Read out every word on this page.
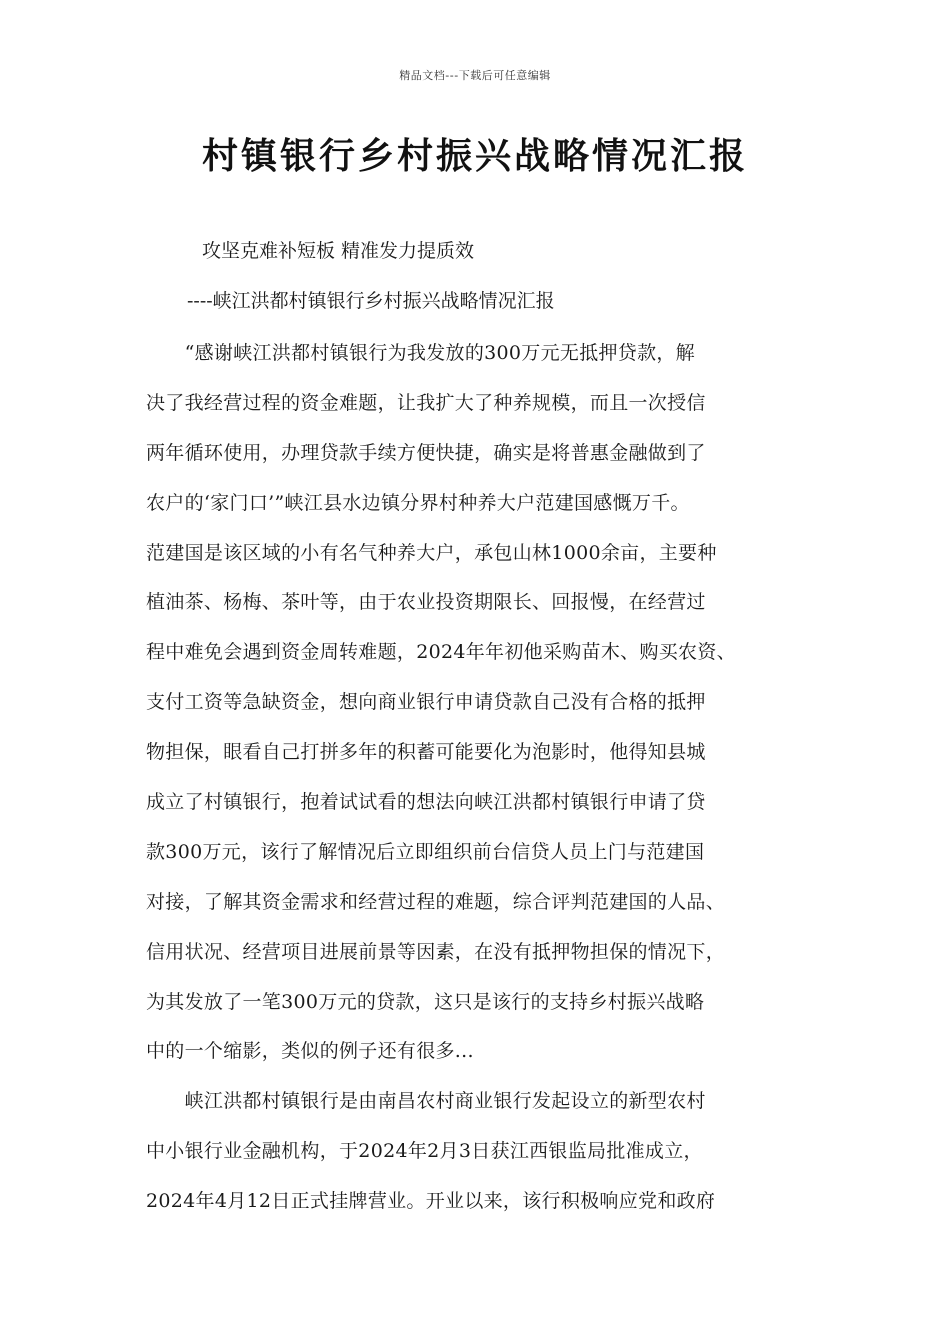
精品文档---下载后可任意编辑
村镇银行乡村振兴战略情况汇报
攻坚克难补短板 精准发力提质效
----峡江洪都村镇银行乡村振兴战略情况汇报
　　“感谢峡江洪都村镇银行为我发放的300万元无抵押贷款，解
决了我经营过程的资金难题，让我扩大了种养规模，而且一次授信
两年循环使用，办理贷款手续方便快捷，确实是将普惠金融做到了
农户的‘家门口’”峡江县水边镇分界村种养大户范建国感慨万千。
范建国是该区域的小有名气种养大户，承包山林1000余亩，主要种
植油茶、杨梅、茶叶等，由于农业投资期限长、回报慢，在经营过
程中难免会遇到资金周转难题，2024年年初他采购苗木、购买农资、
支付工资等急缺资金，想向商业银行申请贷款自己没有合格的抵押
物担保，眼看自己打拼多年的积蓄可能要化为泡影时，他得知县城
成立了村镇银行，抱着试试看的想法向峡江洪都村镇银行申请了贷
款300万元，该行了解情况后立即组织前台信贷人员上门与范建国
对接，了解其资金需求和经营过程的难题，综合评判范建国的人品、
信用状况、经营项目进展前景等因素，在没有抵押物担保的情况下，
为其发放了一笔300万元的贷款，这只是该行的支持乡村振兴战略
中的一个缩影，类似的例子还有很多...
　　峡江洪都村镇银行是由南昌农村商业银行发起设立的新型农村
中小银行业金融机构，于2024年2月3日获江西银监局批准成立，
2024年4月12日正式挂牌营业。开业以来，该行积极响应党和政府
